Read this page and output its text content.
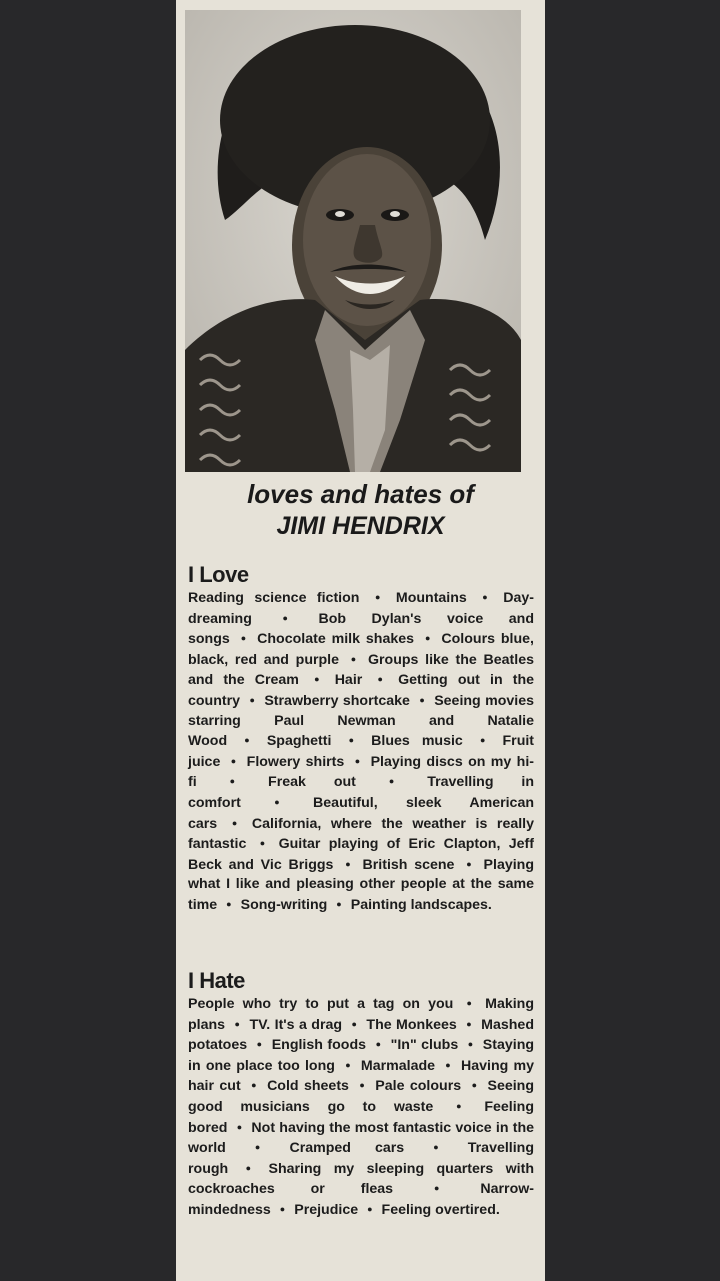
loves and hates of
JIMI HENDRIX
I Love

Reading science fiction ●	Mountains ●	Day-dreaming ●	Bob Dylan's voice and songs ● Chocolate milk shakes ● Colours blue, black, red and purple ● Groups like the Beatles and the Cream ●	Hair ●	Getting out in the country ● Strawberry shortcake ● Seeing movies starring Paul Newman and Natalie Wood ●	Spaghetti ●	Blues music ●	Fruit juice ● Flowery shirts ● Playing discs on my hi-fi ●	Freak out ●	Travelling in comfort ●	Beautiful, sleek American cars ● California, where the weather is really fantastic ● Guitar playing of Eric Clapton, Jeff Beck and Vic Briggs ● British scene ● Playing what I like and pleasing other people at the same time ● Song-writing ● Painting landscapes.

I Hate

People who try to put a tag on you ● Making plans ● TV. It's a drag ● The Monkees ● Mashed potatoes ● English foods ● "In" clubs ● Staying in one place too long ● Marmalade ● Having my hair cut ● Cold sheets ● Pale colours ● Seeing good musicians go to waste ●	Feeling bored ● Not having the most fantastic voice in the world ●	Cramped cars ●	Travelling rough ●	Sharing my sleeping quarters with cockroaches or fleas ●	Narrow-mindedness ● Prejudice ● Feeling overtired.
